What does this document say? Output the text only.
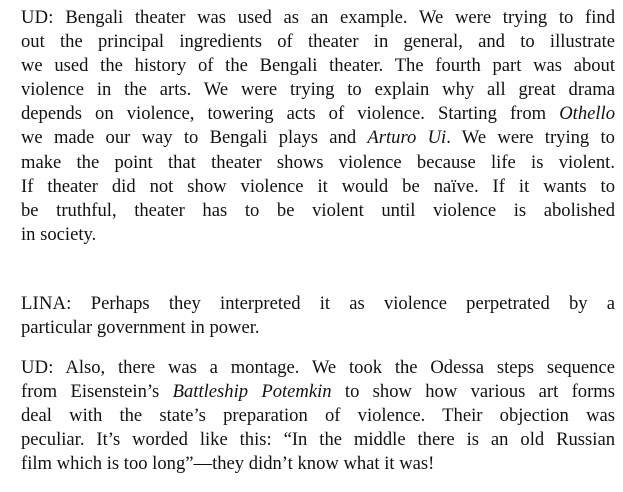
UD: Bengali theater was used as an example. We were trying to find
out the principal ingredients of theater in general, and to illustrate
we used the history of the Bengali theater. The fourth part was about
violence in the arts. We were trying to explain why all great drama
depends on violence, towering acts of violence. Starting from Othello
we made our way to Bengali plays and Arturo Ui. We were trying to
make the point that theater shows violence because life is violent.
If theater did not show violence it would be naïve. If it wants to
be truthful, theater has to be violent until violence is abolished
in society.

LINA: Perhaps they interpreted it as violence perpetrated by a
particular government in power.

UD: Also, there was a montage. We took the Odessa steps sequence
from Eisenstein’s Battleship Potemkin to show how various art forms
deal with the state’s preparation of violence. Their objection was
peculiar. It’s worded like this: “In the middle there is an old Russian
film which is too long”—they didn’t know what it was!
